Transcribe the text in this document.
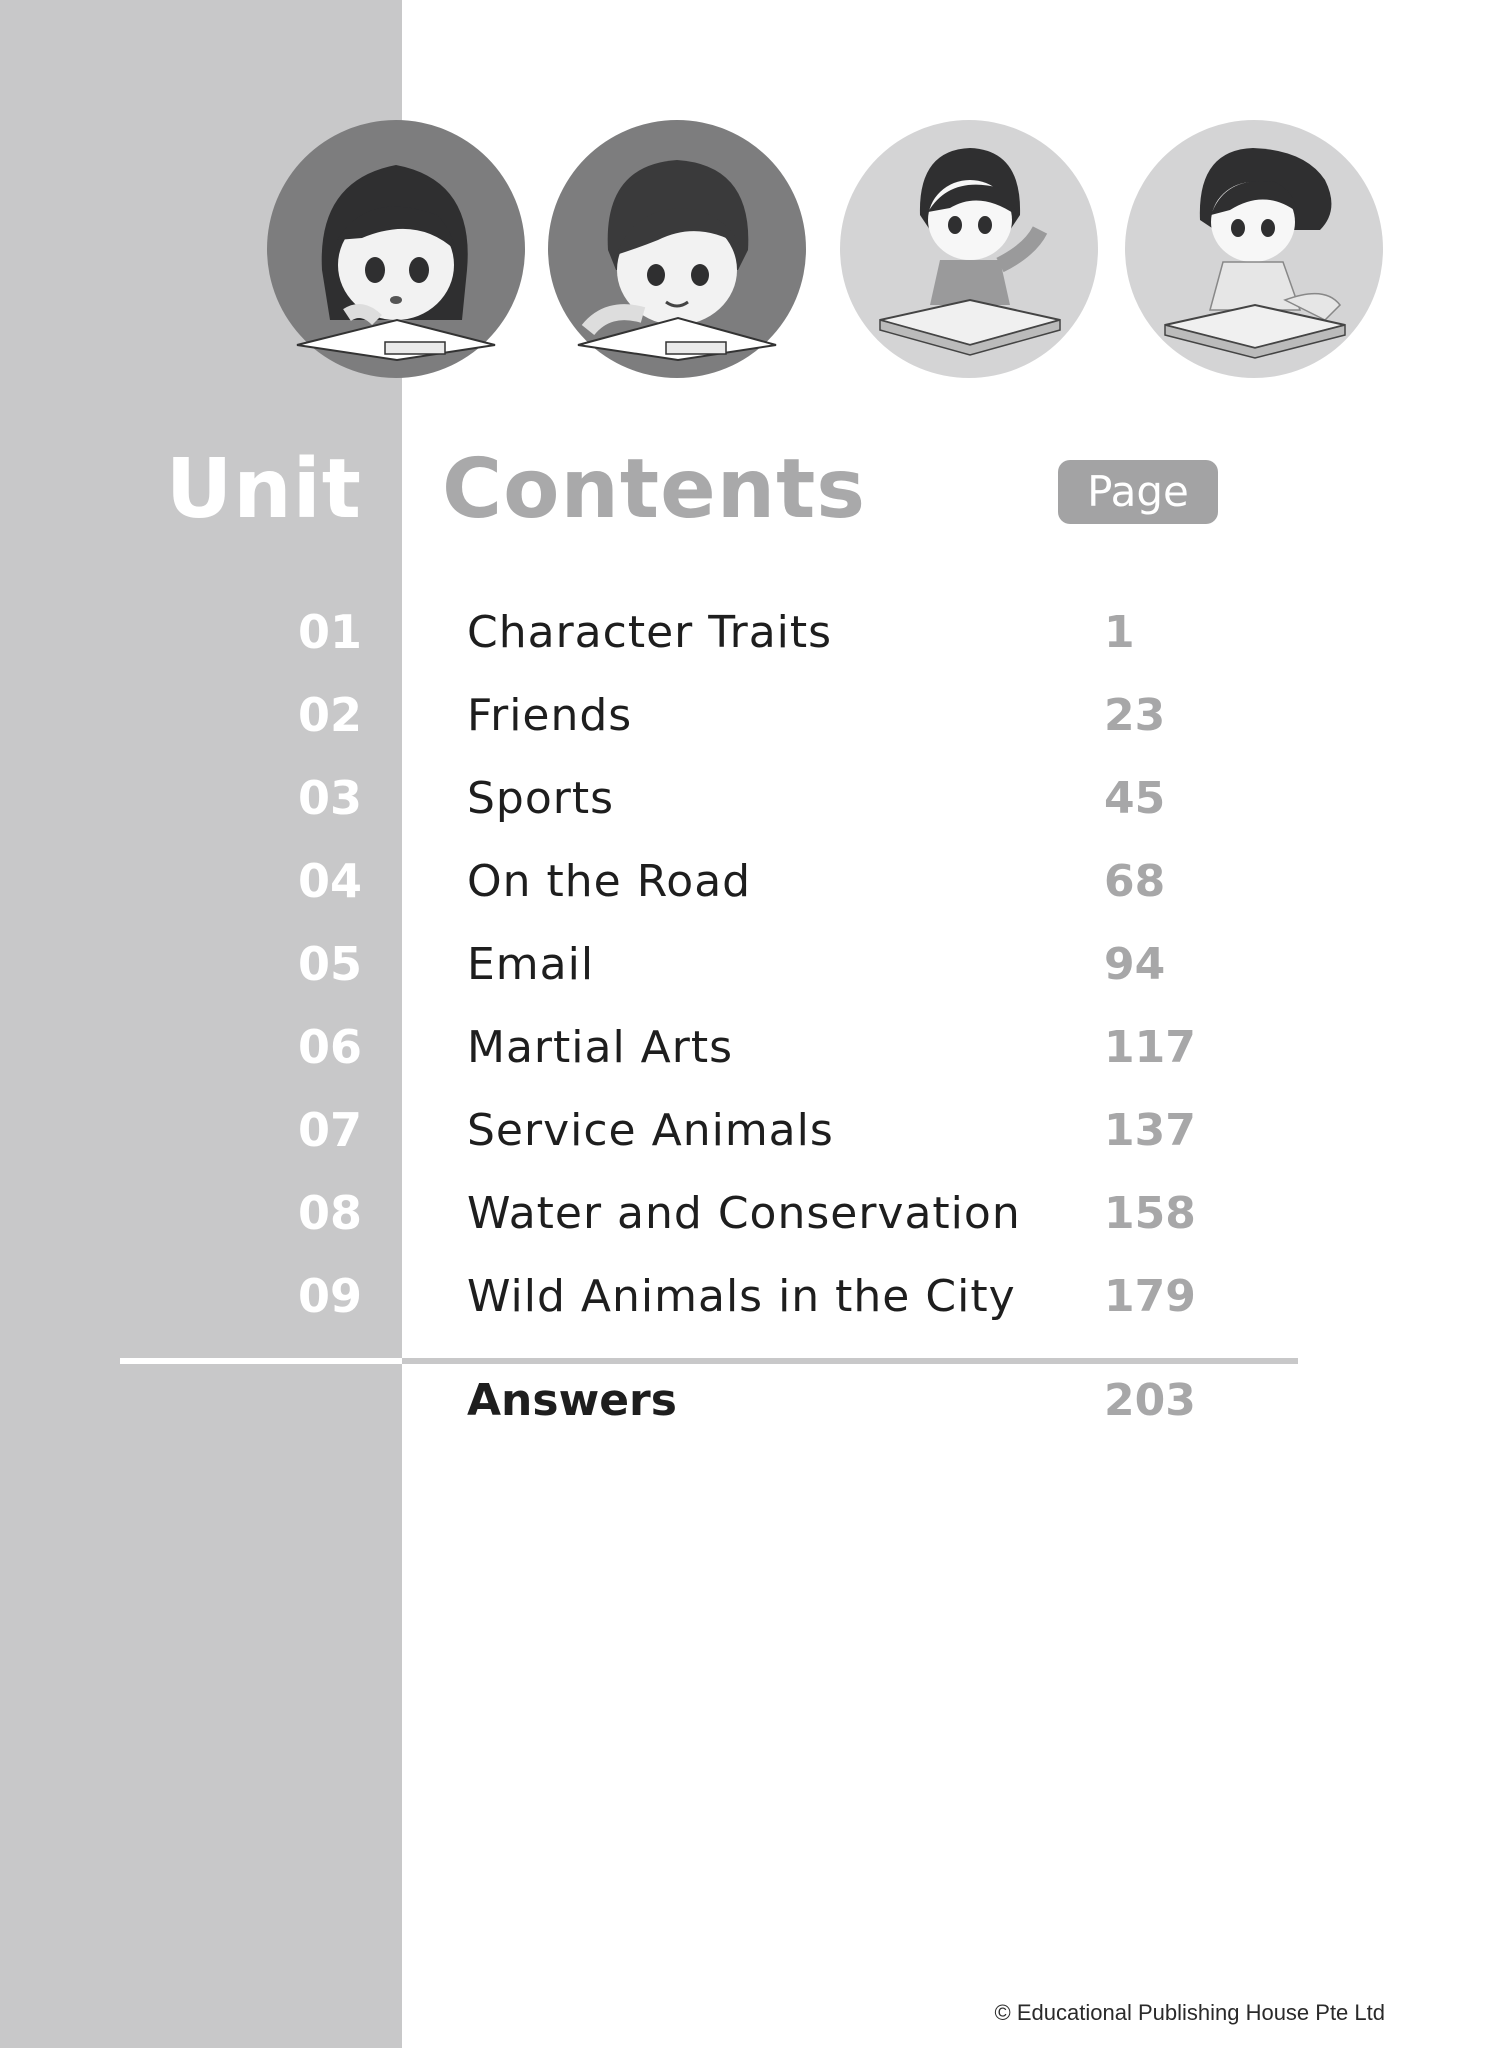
Unit Contents	Page
01 Character Traits	1
02 Friends	23
03 Sports	45
04 On the Road	68
05 Email	94
06 Martial Arts	117
07 Service Animals	137
08 Water and Conservation 158
09 Wild Animals in the City 179
Answers	203
© Educational Publishing House Pte Ltd
